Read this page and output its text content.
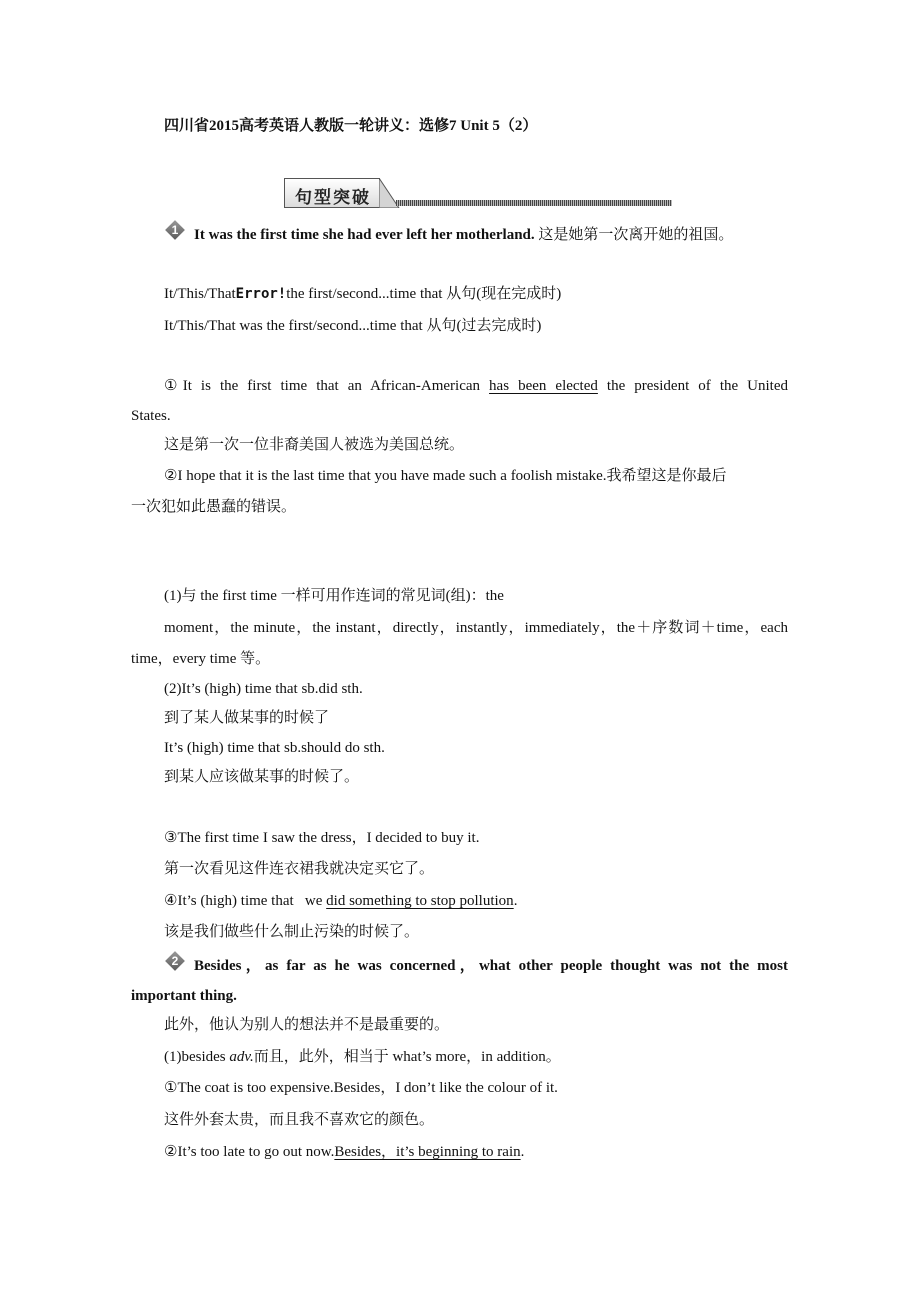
四川省2015高考英语人教版一轮讲义：选修7 Unit 5（2）
句型突破
1	It was the first time she had ever left her motherland. 这是她第一次离开她的祖国。
It/This/ThatError!the first/second...time that 从句(现在完成时)
It/This/That was the first/second...time that 从句(过去完成时)
①It is the first time that an African-American has been elected the president of the United
States.
这是第一次一位非裔美国人被选为美国总统。
②I hope that it is the last time that you have made such a foolish mistake.我希望这是你最后
一次犯如此愚蠢的错误。
(1)与 the first time 一样可用作连词的常见词(组)：the
moment，the minute，the instant，directly，instantly，immediately，the＋序数词＋time，each
time，every time 等。
(2)It’s (high) time that sb.did sth.
到了某人做某事的时候了
It’s (high) time that sb.should do sth.
到某人应该做某事的时候了。
③The first time I saw the dress，I decided to buy it.
第一次看见这件连衣裙我就决定买它了。
④It’s (high) time that   we did something to stop pollution.
该是我们做些什么制止污染的时候了。
2	Besides，as far as he was concerned，what other people thought was not the most
important thing.
此外，他认为别人的想法并不是最重要的。
(1)besides adv.而且，此外，相当于 what’s more，in addition。
①The coat is too expensive.Besides，I don’t like the colour of it.
这件外套太贵，而且我不喜欢它的颜色。
②It’s too late to go out now.Besides，it’s beginning to rain.
